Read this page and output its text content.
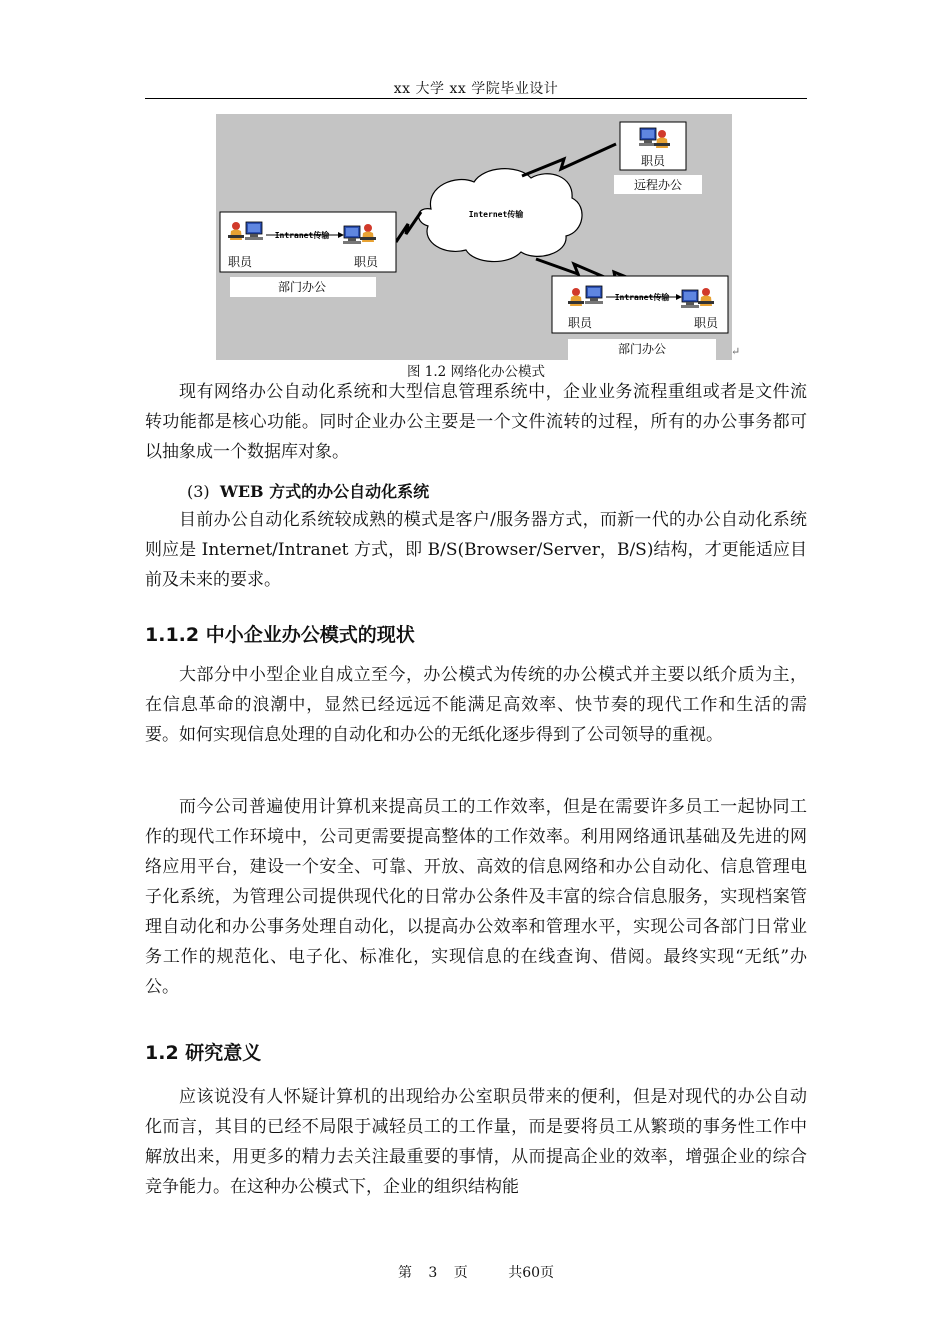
xx 大学 xx 学院毕业设计
职员
远程办公
Internet传输
Intranet传输
职员	职员
部门办公
Intranet传输
职员	职员
部门办公	↵
图 1.2 网络化办公模式

现有网络办公自动化系统和大型信息管理系统中，企业业务流程重组或者是文件流转功能都是核心功能。同时企业办公主要是一个文件流转的过程，所有的办公事务都可以抽象成一个数据库对象。

(3) WEB 方式的办公自动化系统

目前办公自动化系统较成熟的模式是客户/服务器方式，而新一代的办公自动化系统则应是 Internet/Intranet 方式，即 B/S(Browser/Server，B/S)结构，才更能适应目前及未来的要求。

1.1.2 中小企业办公模式的现状

大部分中小型企业自成立至今，办公模式为传统的办公模式并主要以纸介质为主，在信息革命的浪潮中，显然已经远远不能满足高效率、快节奏的现代工作和生活的需要。如何实现信息处理的自动化和办公的无纸化逐步得到了公司领导的重视。

而今公司普遍使用计算机来提高员工的工作效率，但是在需要许多员工一起协同工作的现代工作环境中，公司更需要提高整体的工作效率。利用网络通讯基础及先进的网络应用平台，建设一个安全、可靠、开放、高效的信息网络和办公自动化、信息管理电子化系统，为管理公司提供现代化的日常办公条件及丰富的综合信息服务，实现档案管理自动化和办公事务处理自动化，以提高办公效率和管理水平，实现公司各部门日常业务工作的规范化、电子化、标准化，实现信息的在线查询、借阅。最终实现“无纸”办公。

1.2 研究意义

应该说没有人怀疑计算机的出现给办公室职员带来的便利，但是对现代的办公自动化而言，其目的已经不局限于减轻员工的工作量，而是要将员工从繁琐的事务性工作中解放出来，用更多的精力去关注最重要的事情，从而提高企业的效率，增强企业的综合竞争能力。在这种办公模式下，企业的组织结构能

第 3 页	共60页
